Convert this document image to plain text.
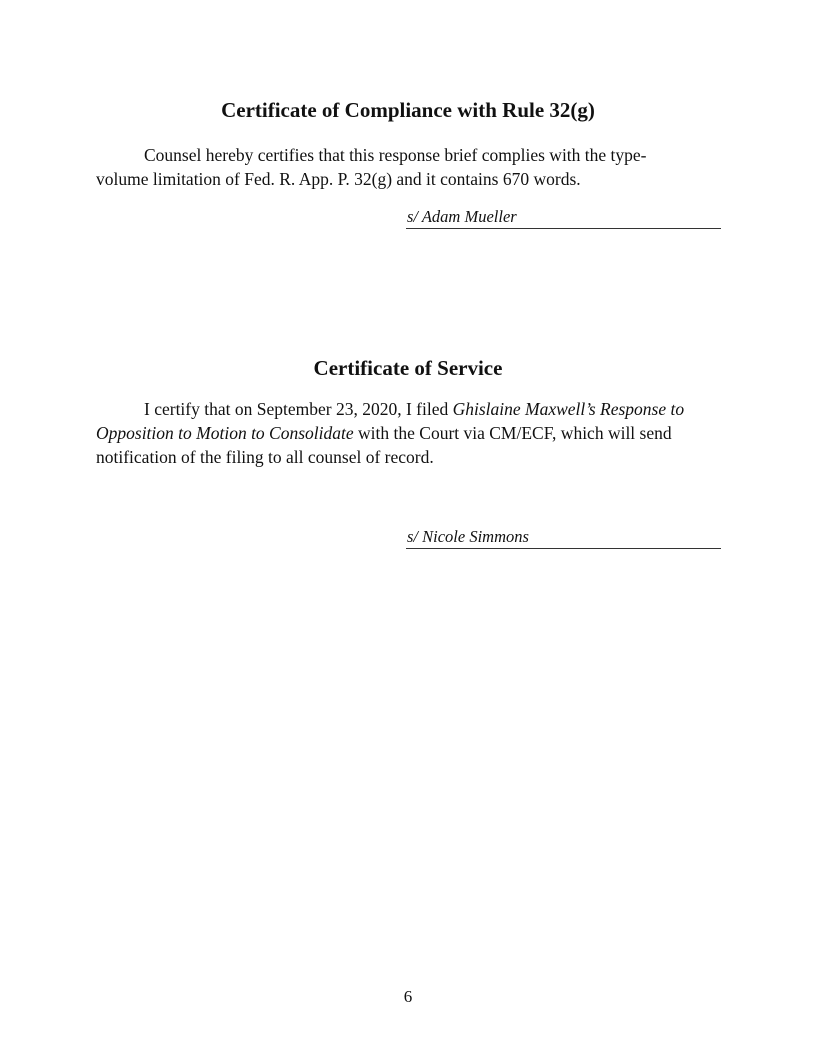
Certificate of Compliance with Rule 32(g)

Counsel hereby certifies that this response brief complies with the type-volume limitation of Fed. R. App. P. 32(g) and it contains 670 words.

s/ Adam Mueller
Certificate of Service

I certify that on September 23, 2020, I filed Ghislaine Maxwell’s Response to Opposition to Motion to Consolidate with the Court via CM/ECF, which will send notification of the filing to all counsel of record.

s/ Nicole Simmons
6
